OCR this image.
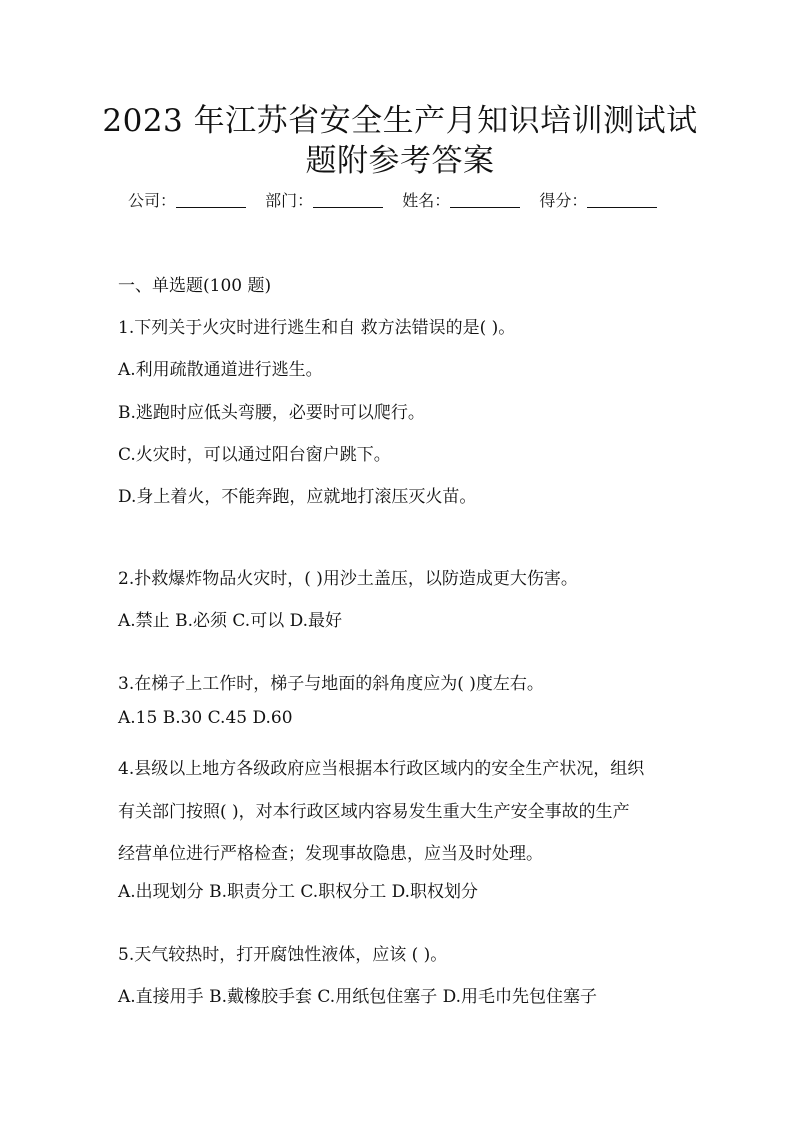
2023 年江苏省安全生产月知识培训测试试
题附参考答案
公司：	部门：	姓名：	得分：
一、单选题(100 题)
1.下列关于火灾时进行逃生和自 救方法错误的是( )。
A.利用疏散通道进行逃生。
B.逃跑时应低头弯腰，必要时可以爬行。
C.火灾时，可以通过阳台窗户跳下。
D.身上着火，不能奔跑，应就地打滚压灭火苗。
2.扑救爆炸物品火灾时，( )用沙土盖压，以防造成更大伤害。
A.禁止 B.必须 C.可以 D.最好
3.在梯子上工作时，梯子与地面的斜角度应为( )度左右。
A.15 B.30 C.45 D.60
4.县级以上地方各级政府应当根据本行政区域内的安全生产状况，组织
有关部门按照( )，对本行政区域内容易发生重大生产安全事故的生产
经营单位进行严格检查；发现事故隐患，应当及时处理。
A.出现划分 B.职责分工 C.职权分工 D.职权划分
5.天气较热时，打开腐蚀性液体，应该 ( )。
A.直接用手 B.戴橡胶手套 C.用纸包住塞子 D.用毛巾先包住塞子
